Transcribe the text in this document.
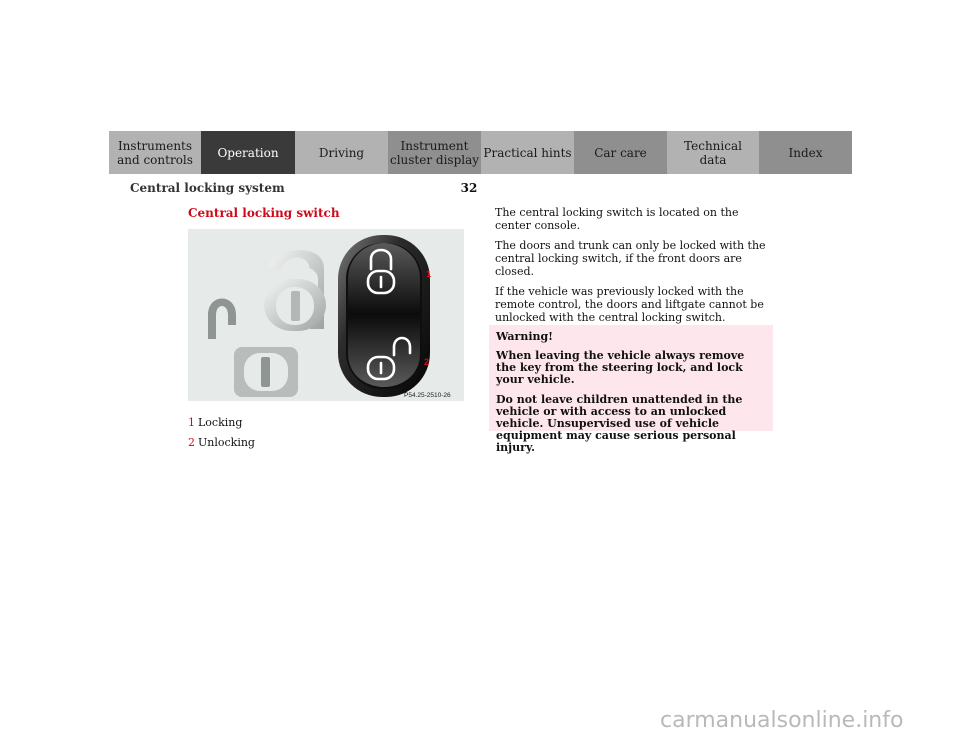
Instruments
and controls Operation	Driving	Instrument
cluster display Practical hints Car care	Technical
data	Index
Central locking system	32
Central locking switch
1
2
P54.25-2510-26
1 Locking
2 Unlocking

The central locking switch is located on the center console.

The doors and trunk can only be locked with the central locking switch, if the front doors are closed.

If the vehicle was previously locked with the remote control, the doors and liftgate cannot be unlocked with the central locking switch.

Warning!

When leaving the vehicle always remove the key from the steering lock, and lock your vehicle.

Do not leave children unattended in the vehicle or with access to an unlocked vehicle. Unsupervised use of vehicle equipment may cause serious personal injury.

carmanualsonline.info
